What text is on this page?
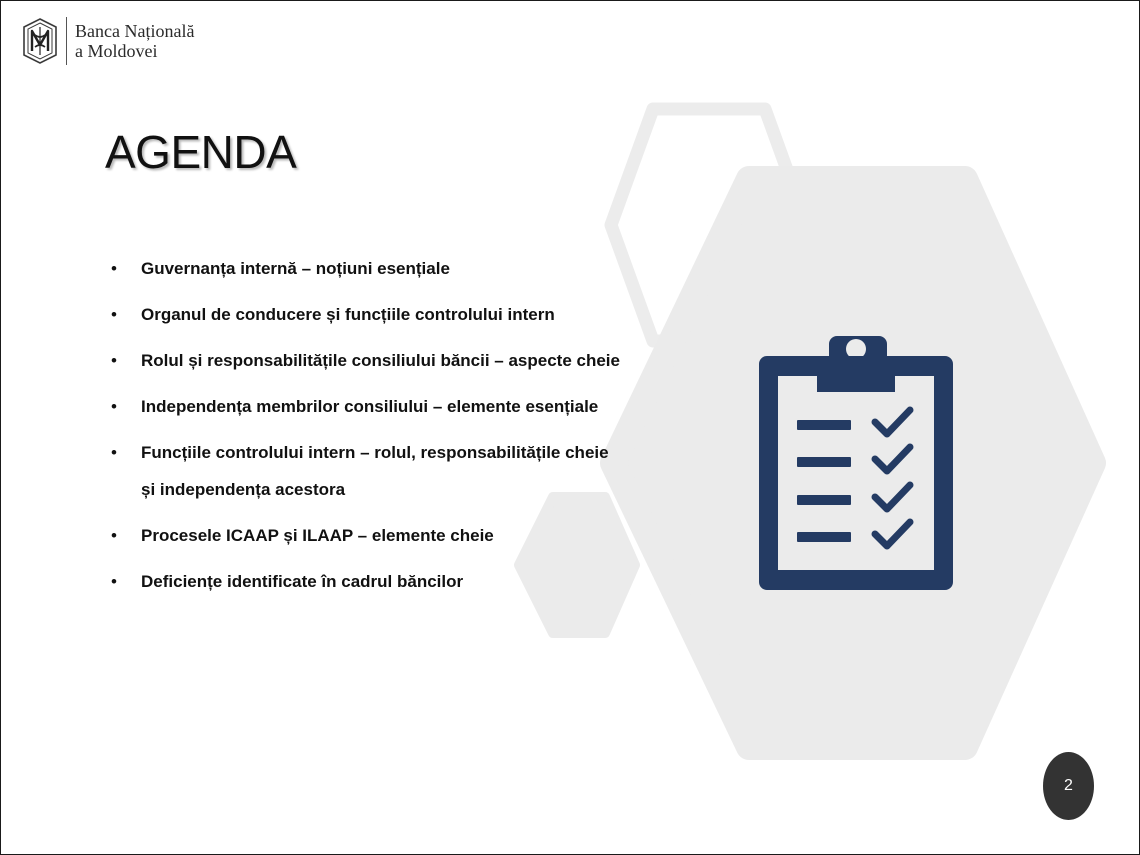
Banca Națională
a Moldovei
AGENDA
• Guvernanța internă – noțiuni esențiale
• Organul de conducere și funcțiile controlului intern
• Rolul și responsabilitățile consiliului băncii – aspecte cheie
• Independența membrilor consiliului – elemente esențiale
• Funcțiile controlului intern – rolul, responsabilitățile cheie
și independența acestora
• Procesele ICAAP și ILAAP – elemente cheie
• Deficiențe identificate în cadrul băncilor
2
